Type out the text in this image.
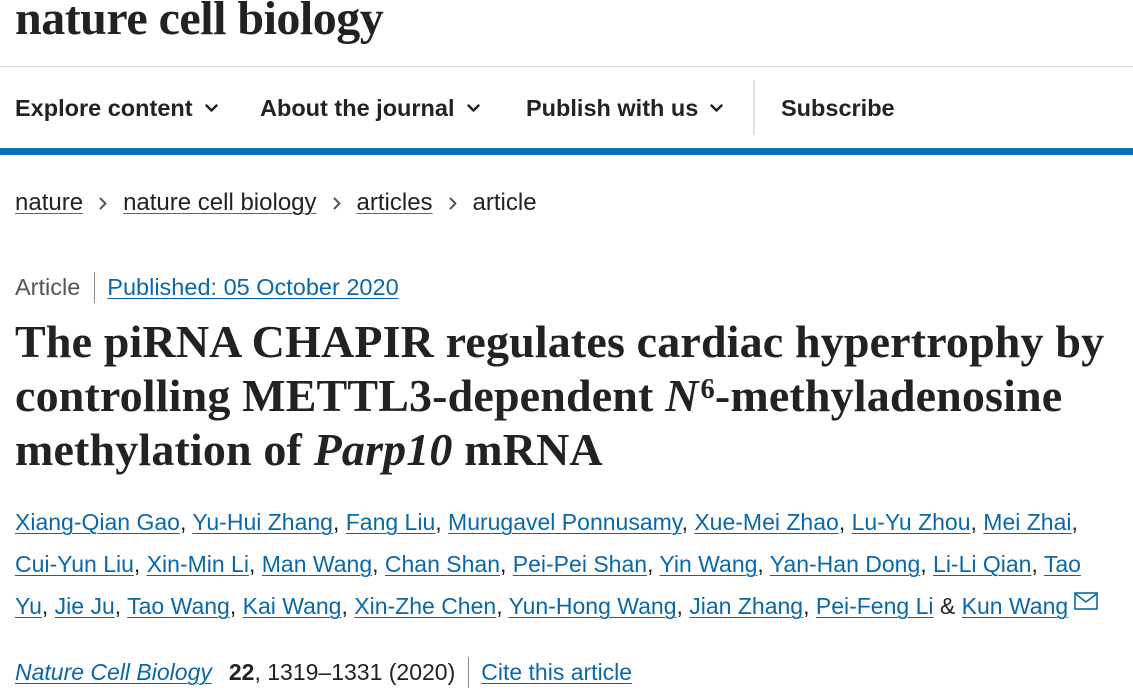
nature cell biology
Explore content	About the journal	Publish with us	Subscribe
nature nature cell biology articles article
Article Published: 05 October 2020
The piRNA CHAPIR regulates cardiac hypertrophy by
controlling METTL3-dependent $N^6$-methyladenosine
methylation of Parp10 mRNA

Xiang-Qian Gao, Yu-Hui Zhang, Fang Liu, Murugavel Ponnusamy, Xue-Mei Zhao, Lu-Yu Zhou, Mei Zhai, Cui-Yun Liu, Xin-Min Li, Man Wang, Chan Shan, Pei-Pei Shan, Yin Wang, Yan-Han Dong, Li-Li Qian, Tao Yu, Jie Ju, Tao Wang, Kai Wang, Xin-Zhe Chen, Yun-Hong Wang, Jian Zhang, Pei-Feng Li & Kun Wang

Nature Cell Biology 22 , 1319–1331 (2020) Cite this article
